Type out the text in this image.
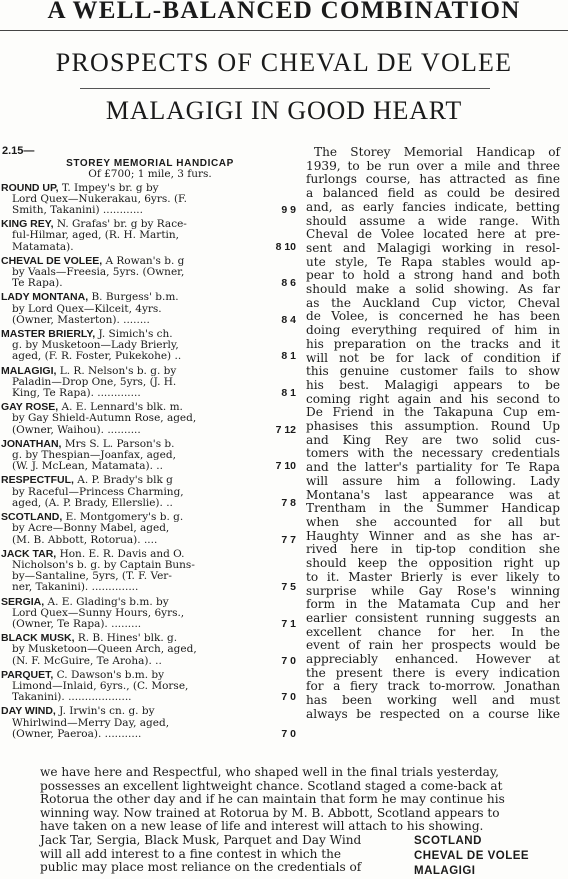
A WELL-BALANCED COMBINATION
PROSPECTS OF CHEVAL DE VOLEE
MALAGIGI IN GOOD HEART
2.15—
STOREY MEMORIAL HANDICAP
Of £700; 1 mile, 3 furs.
ROUND UP, T. Impey's br. g by
Lord Quex—Nukerakau, 6yrs. (F.
Smith, Takanini) ............	9 9
KING REY, N. Grafas' br. g by Race-
ful-Hilmar, aged, (R. H. Martin,
Matamata).	8 10
CHEVAL DE VOLEE, A Rowan's b. g
by Vaals—Freesia, 5yrs. (Owner,
Te Rapa).	8 6
LADY MONTANA, B. Burgess' b.m.
by Lord Quex—Kilceit, 4yrs.
(Owner, Masterton). ........	8 4
MASTER BRIERLY, J. Simich's ch.
g. by Musketoon—Lady Brierly,
aged, (F. R. Foster, Pukekohe) ..	8 1
MALAGIGI, L. R. Nelson's b. g. by
Paladin—Drop One, 5yrs, (J. H.
King, Te Rapa). .............	8 1
GAY ROSE, A. E. Lennard's blk. m.
by Gay Shield-Autumn Rose, aged,
(Owner, Waihou). ..........	7 12
JONATHAN, Mrs S. L. Parson's b.
g. by Thespian—Joanfax, aged,
(W. J. McLean, Matamata). ..	7 10
RESPECTFUL, A. P. Brady's blk g
by Raceful—Princess Charming,
aged, (A. P. Brady, Ellerslie). ..	7 8
SCOTLAND, E. Montgomery's b. g.
by Acre—Bonny Mabel, aged,
(M. B. Abbott, Rotorua). ....	7 7
JACK TAR, Hon. E. R. Davis and O.
Nicholson's b. g. by Captain Buns-
by—Santaline, 5yrs, (T. F. Ver-
ner, Takanini). ..............	7 5
SERGIA, A. E. Glading's b.m. by
Lord Quex—Sunny Hours, 6yrs.,
(Owner, Te Rapa). .........	7 1
BLACK MUSK, R. B. Hines' blk. g.
by Musketoon—Queen Arch, aged,
(N. F. McGuire, Te Aroha). ..	7 0
PARQUET, C. Dawson's b.m. by
Limond—Inlaid, 6yrs., (C. Morse,
Takanini). ...................	7 0
DAY WIND, J. Irwin's cn. g. by
Whirlwind—Merry Day, aged,
(Owner, Paeroa). ...........	7 0
The Storey Memorial Handicap of
1939, to be run over a mile and three
furlongs course, has attracted as fine
a balanced field as could be desired
and, as early fancies indicate, betting
should assume a wide range. With
Cheval de Volee located here at pre-
sent and Malagigi working in resol-
ute style, Te Rapa stables would ap-
pear to hold a strong hand and both
should make a solid showing. As far
as the Auckland Cup victor, Cheval
de Volee, is concerned he has been
doing everything required of him in
his preparation on the tracks and it
will not be for lack of condition if
this genuine customer fails to show
his best. Malagigi appears to be
coming right again and his second to
De Friend in the Takapuna Cup em-
phasises this assumption. Round Up
and King Rey are two solid cus-
tomers with the necessary credentials
and the latter's partiality for Te Rapa
will assure him a following. Lady
Montana's last appearance was at
Trentham in the Summer Handicap
when she accounted for all but
Haughty Winner and as she has ar-
rived here in tip-top condition she
should keep the opposition right up
to it. Master Brierly is ever likely to
surprise while Gay Rose's winning
form in the Matamata Cup and her
earlier consistent running suggests an
excellent chance for her. In the
event of rain her prospects would be
appreciably enhanced. However at
the present there is every indication
for a fiery track to-morrow. Jonathan
has been working well and must
always be respected on a course like
we have here and Respectful, who shaped well in the final trials yesterday,
possesses an excellent lightweight chance. Scotland staged a come-back at
Rotorua the other day and if he can maintain that form he may continue his
winning way. Now trained at Rotorua by M. B. Abbott, Scotland appears to
have taken on a new lease of life and interest will attach to his showing.
Jack Tar, Sergia, Black Musk, Parquet and Day Wind
will all add interest to a fine contest in which the
public may place most reliance on the credentials of
SCOTLAND
CHEVAL DE VOLEE
MALAGIGI
